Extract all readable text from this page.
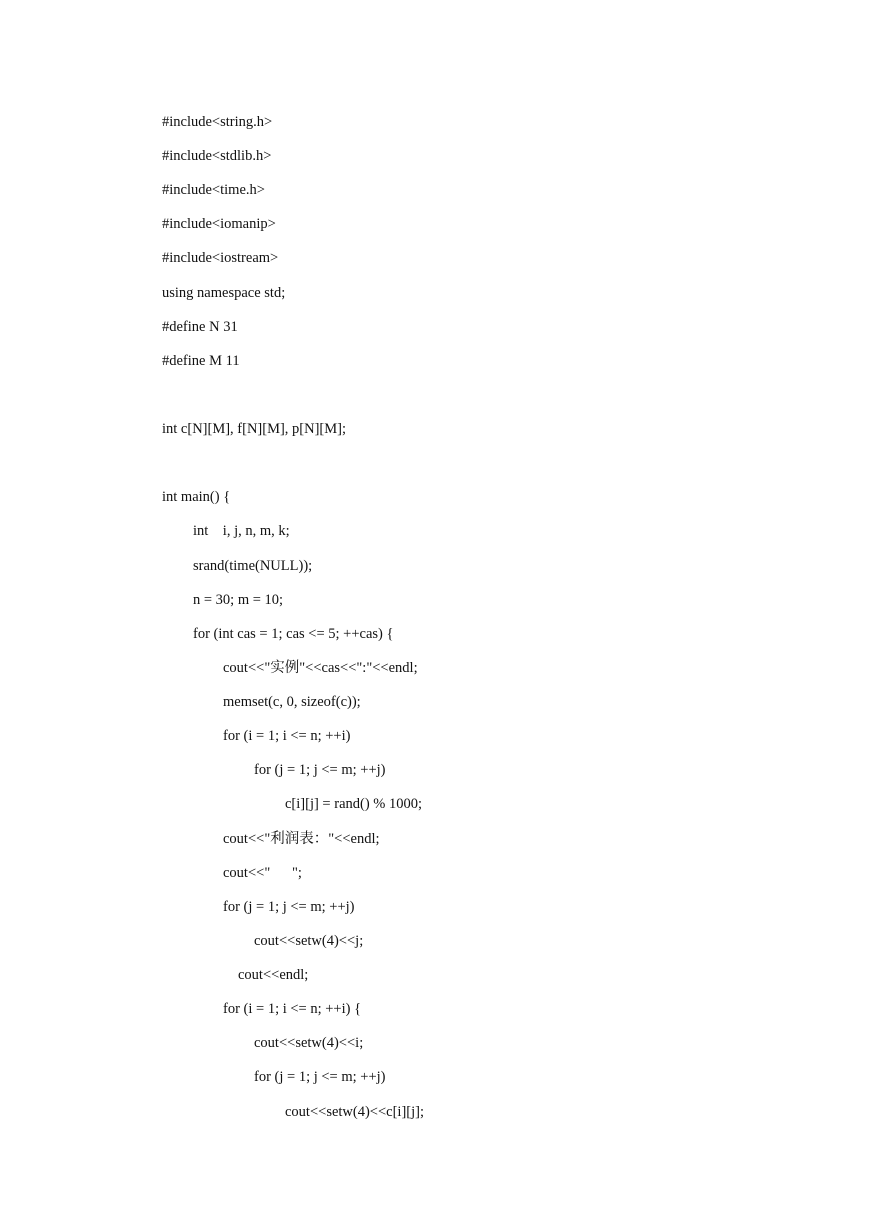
#include<string.h>
#include<stdlib.h>
#include<time.h>
#include<iomanip>
#include<iostream>
using namespace std;
#define N 31
#define M 11
int c[N][M], f[N][M], p[N][M];
int main() {
int    i, j, n, m, k;
srand(time(NULL));
n = 30; m = 10;
for (int cas = 1; cas <= 5; ++cas) {
cout<<"实例"<<cas<<":"<<endl;
memset(c, 0, sizeof(c));
for (i = 1; i <= n; ++i)
for (j = 1; j <= m; ++j)
c[i][j] = rand() % 1000;
cout<<"利润表："<<endl;
cout<<"      ";
for (j = 1; j <= m; ++j)
cout<<setw(4)<<j;
cout<<endl;
for (i = 1; i <= n; ++i) {
cout<<setw(4)<<i;
for (j = 1; j <= m; ++j)
cout<<setw(4)<<c[i][j];
